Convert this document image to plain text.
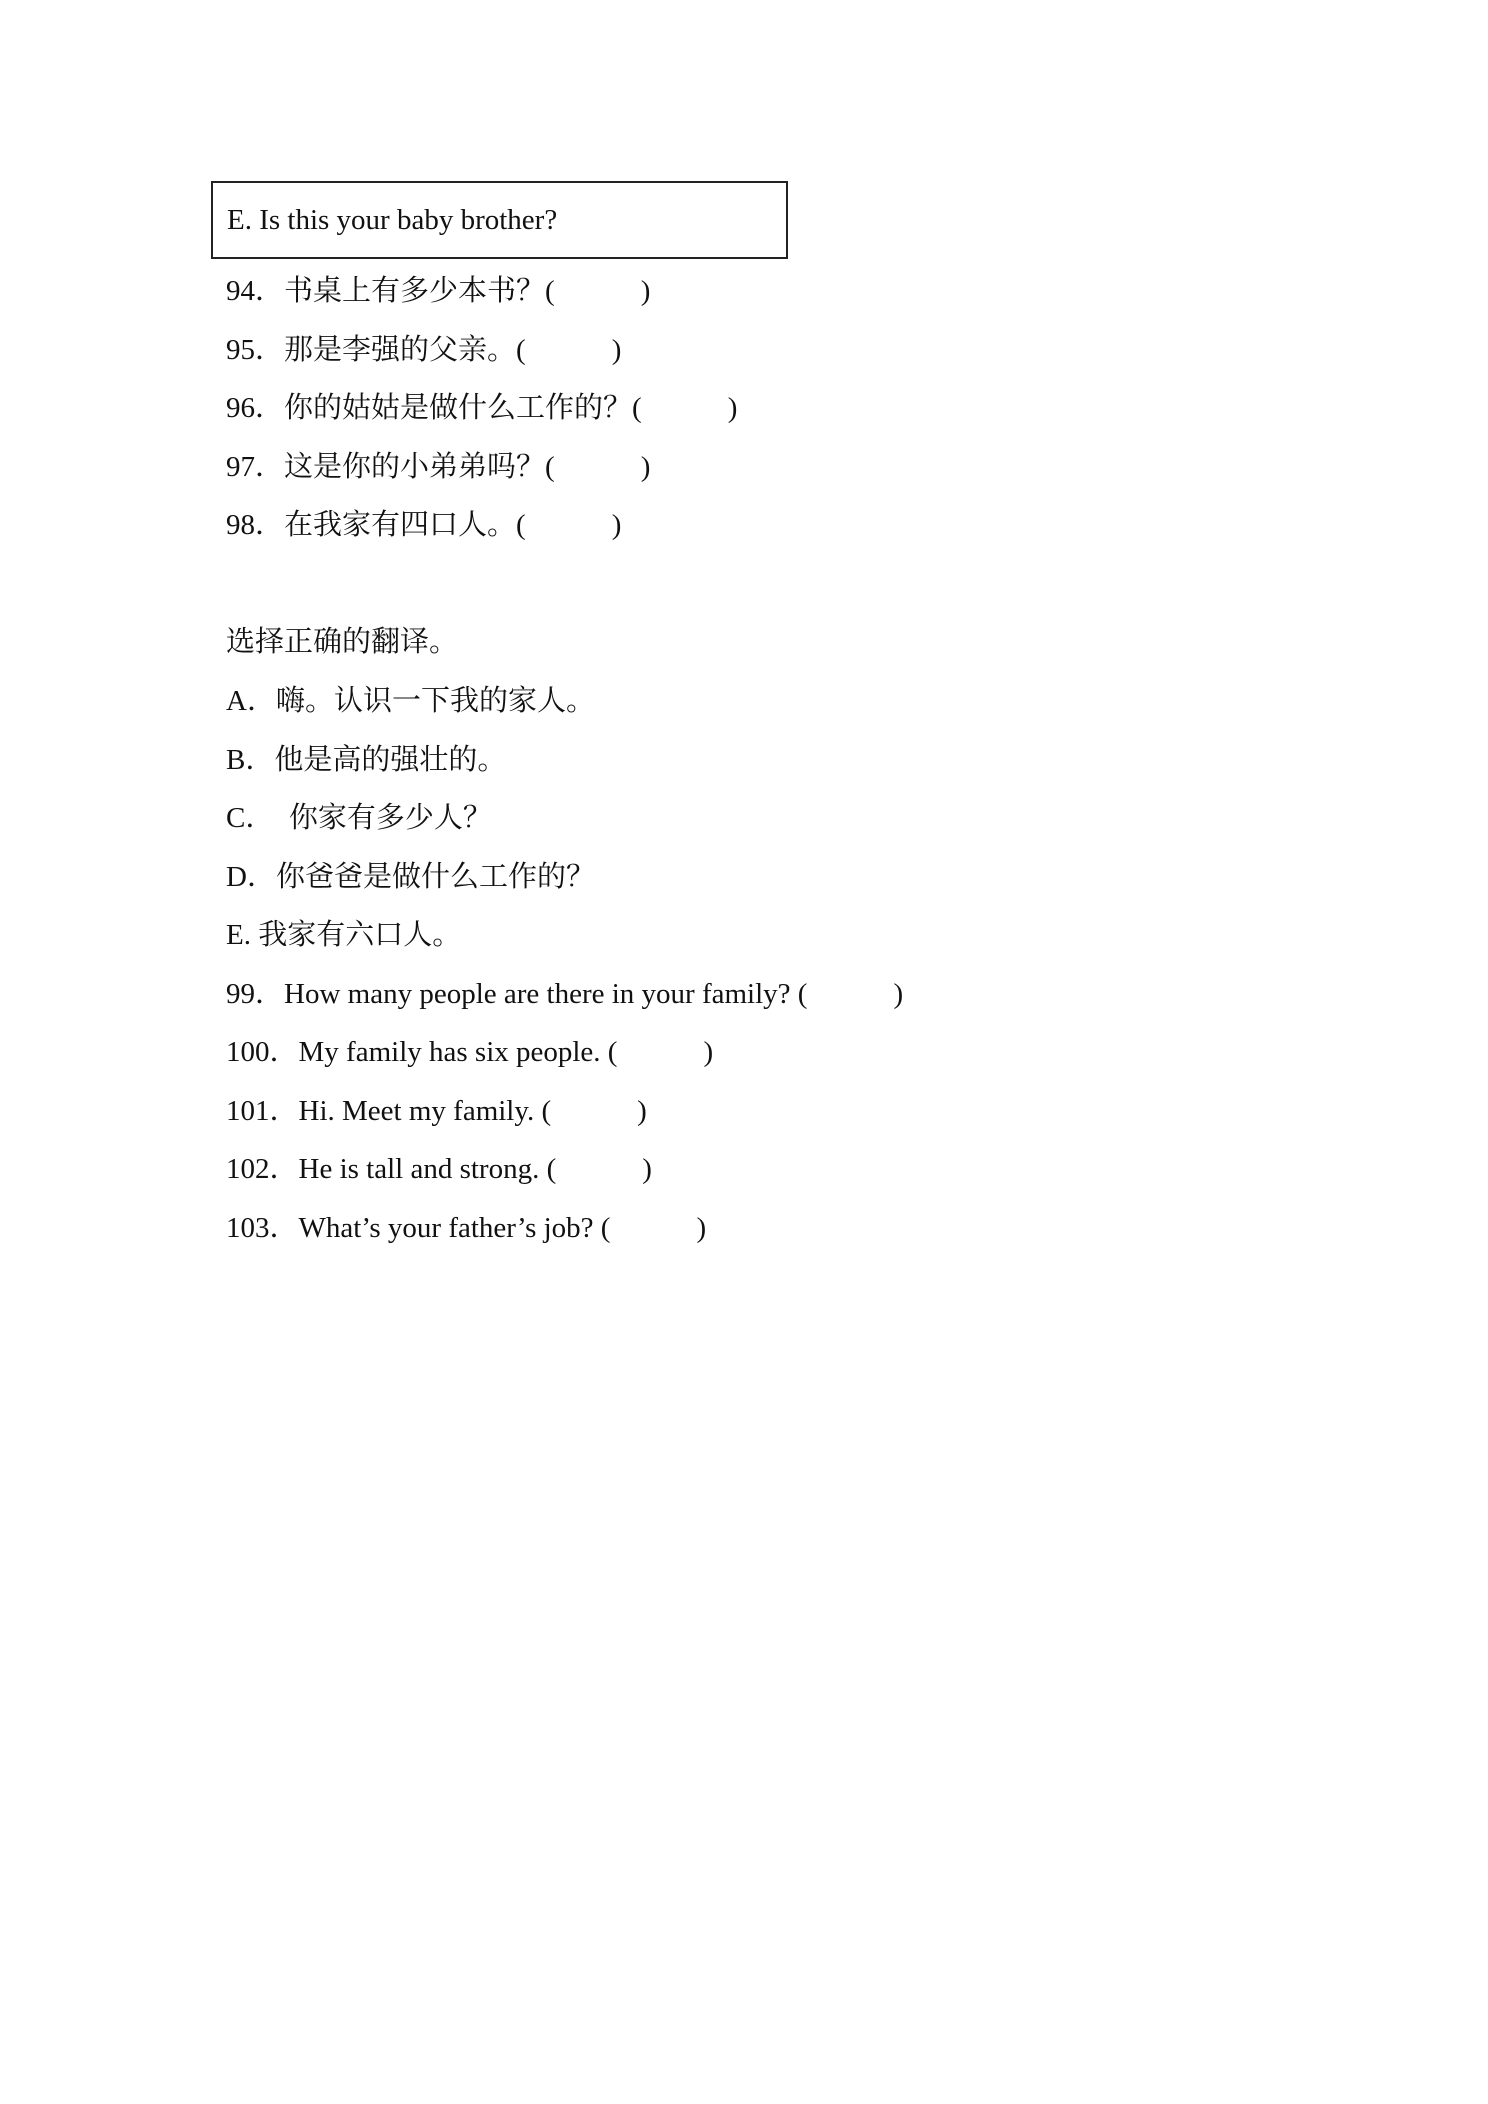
E. Is this your baby brother?
94．书桌上有多少本书？(	)
95．那是李强的父亲。(	)
96．你的姑姑是做什么工作的？(	)
97．这是你的小弟弟吗？(	)
98．在我家有四口人。(	)
选择正确的翻译。
A．嗨。认识一下我的家人。
B．他是高的强壮的。
C．  你家有多少人？
D．你爸爸是做什么工作的？
E. 我家有六口人。
99．How many people are there in your family? (	)
100．My family has six people. (	)
101．Hi. Meet my family. (	)
102．He is tall and strong. (	)
103．What’s your father’s job? (	)
